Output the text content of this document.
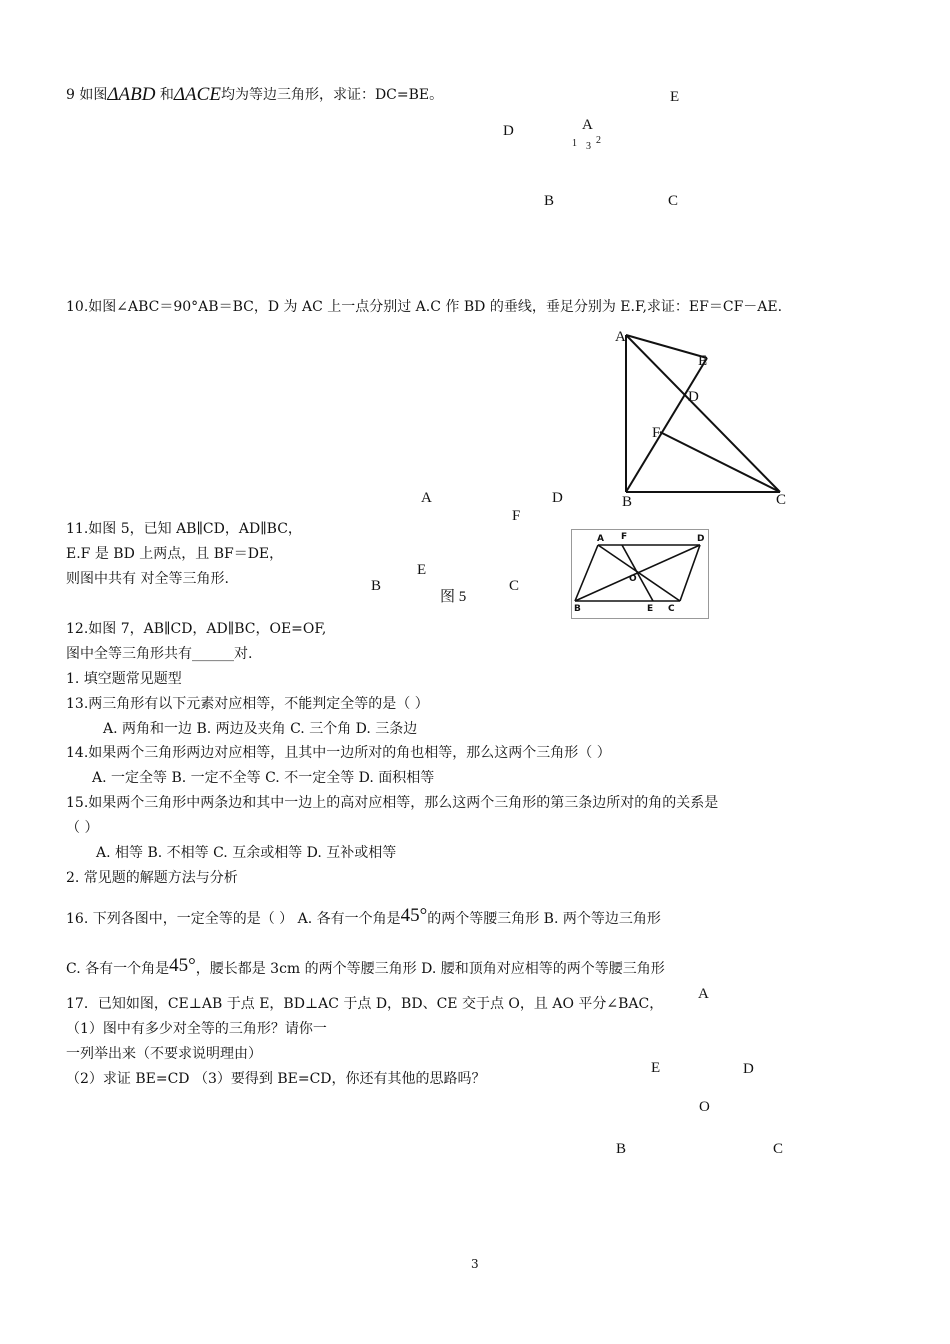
9 如图ΔABD 和ΔACE均为等边三角形，求证：DC=BE。	E
A
D
1 3
2
B	C
10.如图∠ABC＝90°AB＝BC，D 为 AC 上一点分别过 A.C 作 BD 的垂线，垂足分别为 E.F,求证：EF＝CF－AE.
A
E
D
F
B	C
A	D
F
11.如图 5，已知 AB∥CD，AD∥BC，
E.F 是 BD 上两点，且 BF＝DE，
则图中共有 对全等三角形.
E
B	C
图 5
A F	D
O
B	E C
12.如图 7，AB∥CD，AD∥BC，OE=OF,
图中全等三角形共有______对.
1. 填空题常见题型
13.两三角形有以下元素对应相等，不能判定全等的是（ ）
A. 两角和一边 B. 两边及夹角 C. 三个角 D. 三条边
14.如果两个三角形两边对应相等，且其中一边所对的角也相等，那么这两个三角形（ ）
A. 一定全等 B. 一定不全等 C. 不一定全等 D. 面积相等
15.如果两个三角形中两条边和其中一边上的高对应相等，那么这两个三角形的第三条边所对的角的关系是
（ ）
A. 相等 B. 不相等 C. 互余或相等 D. 互补或相等
2. 常见题的解题方法与分析
16. 下列各图中，一定全等的是（ ） A. 各有一个角是45°的两个等腰三角形 B. 两个等边三角形
C. 各有一个角是45°，腰长都是 3cm 的两个等腰三角形 D. 腰和顶角对应相等的两个等腰三角形
17．已知如图，CE⊥AB 于点 E，BD⊥AC 于点 D，BD、CE 交于点 O，且 AO 平分∠BAC，
A
（1）图中有多少对全等的三角形？请你一
一列举出来（不要求说明理由）
E	D
（2）求证 BE=CD （3）要得到 BE=CD，你还有其他的思路吗？
O
B	C
3
